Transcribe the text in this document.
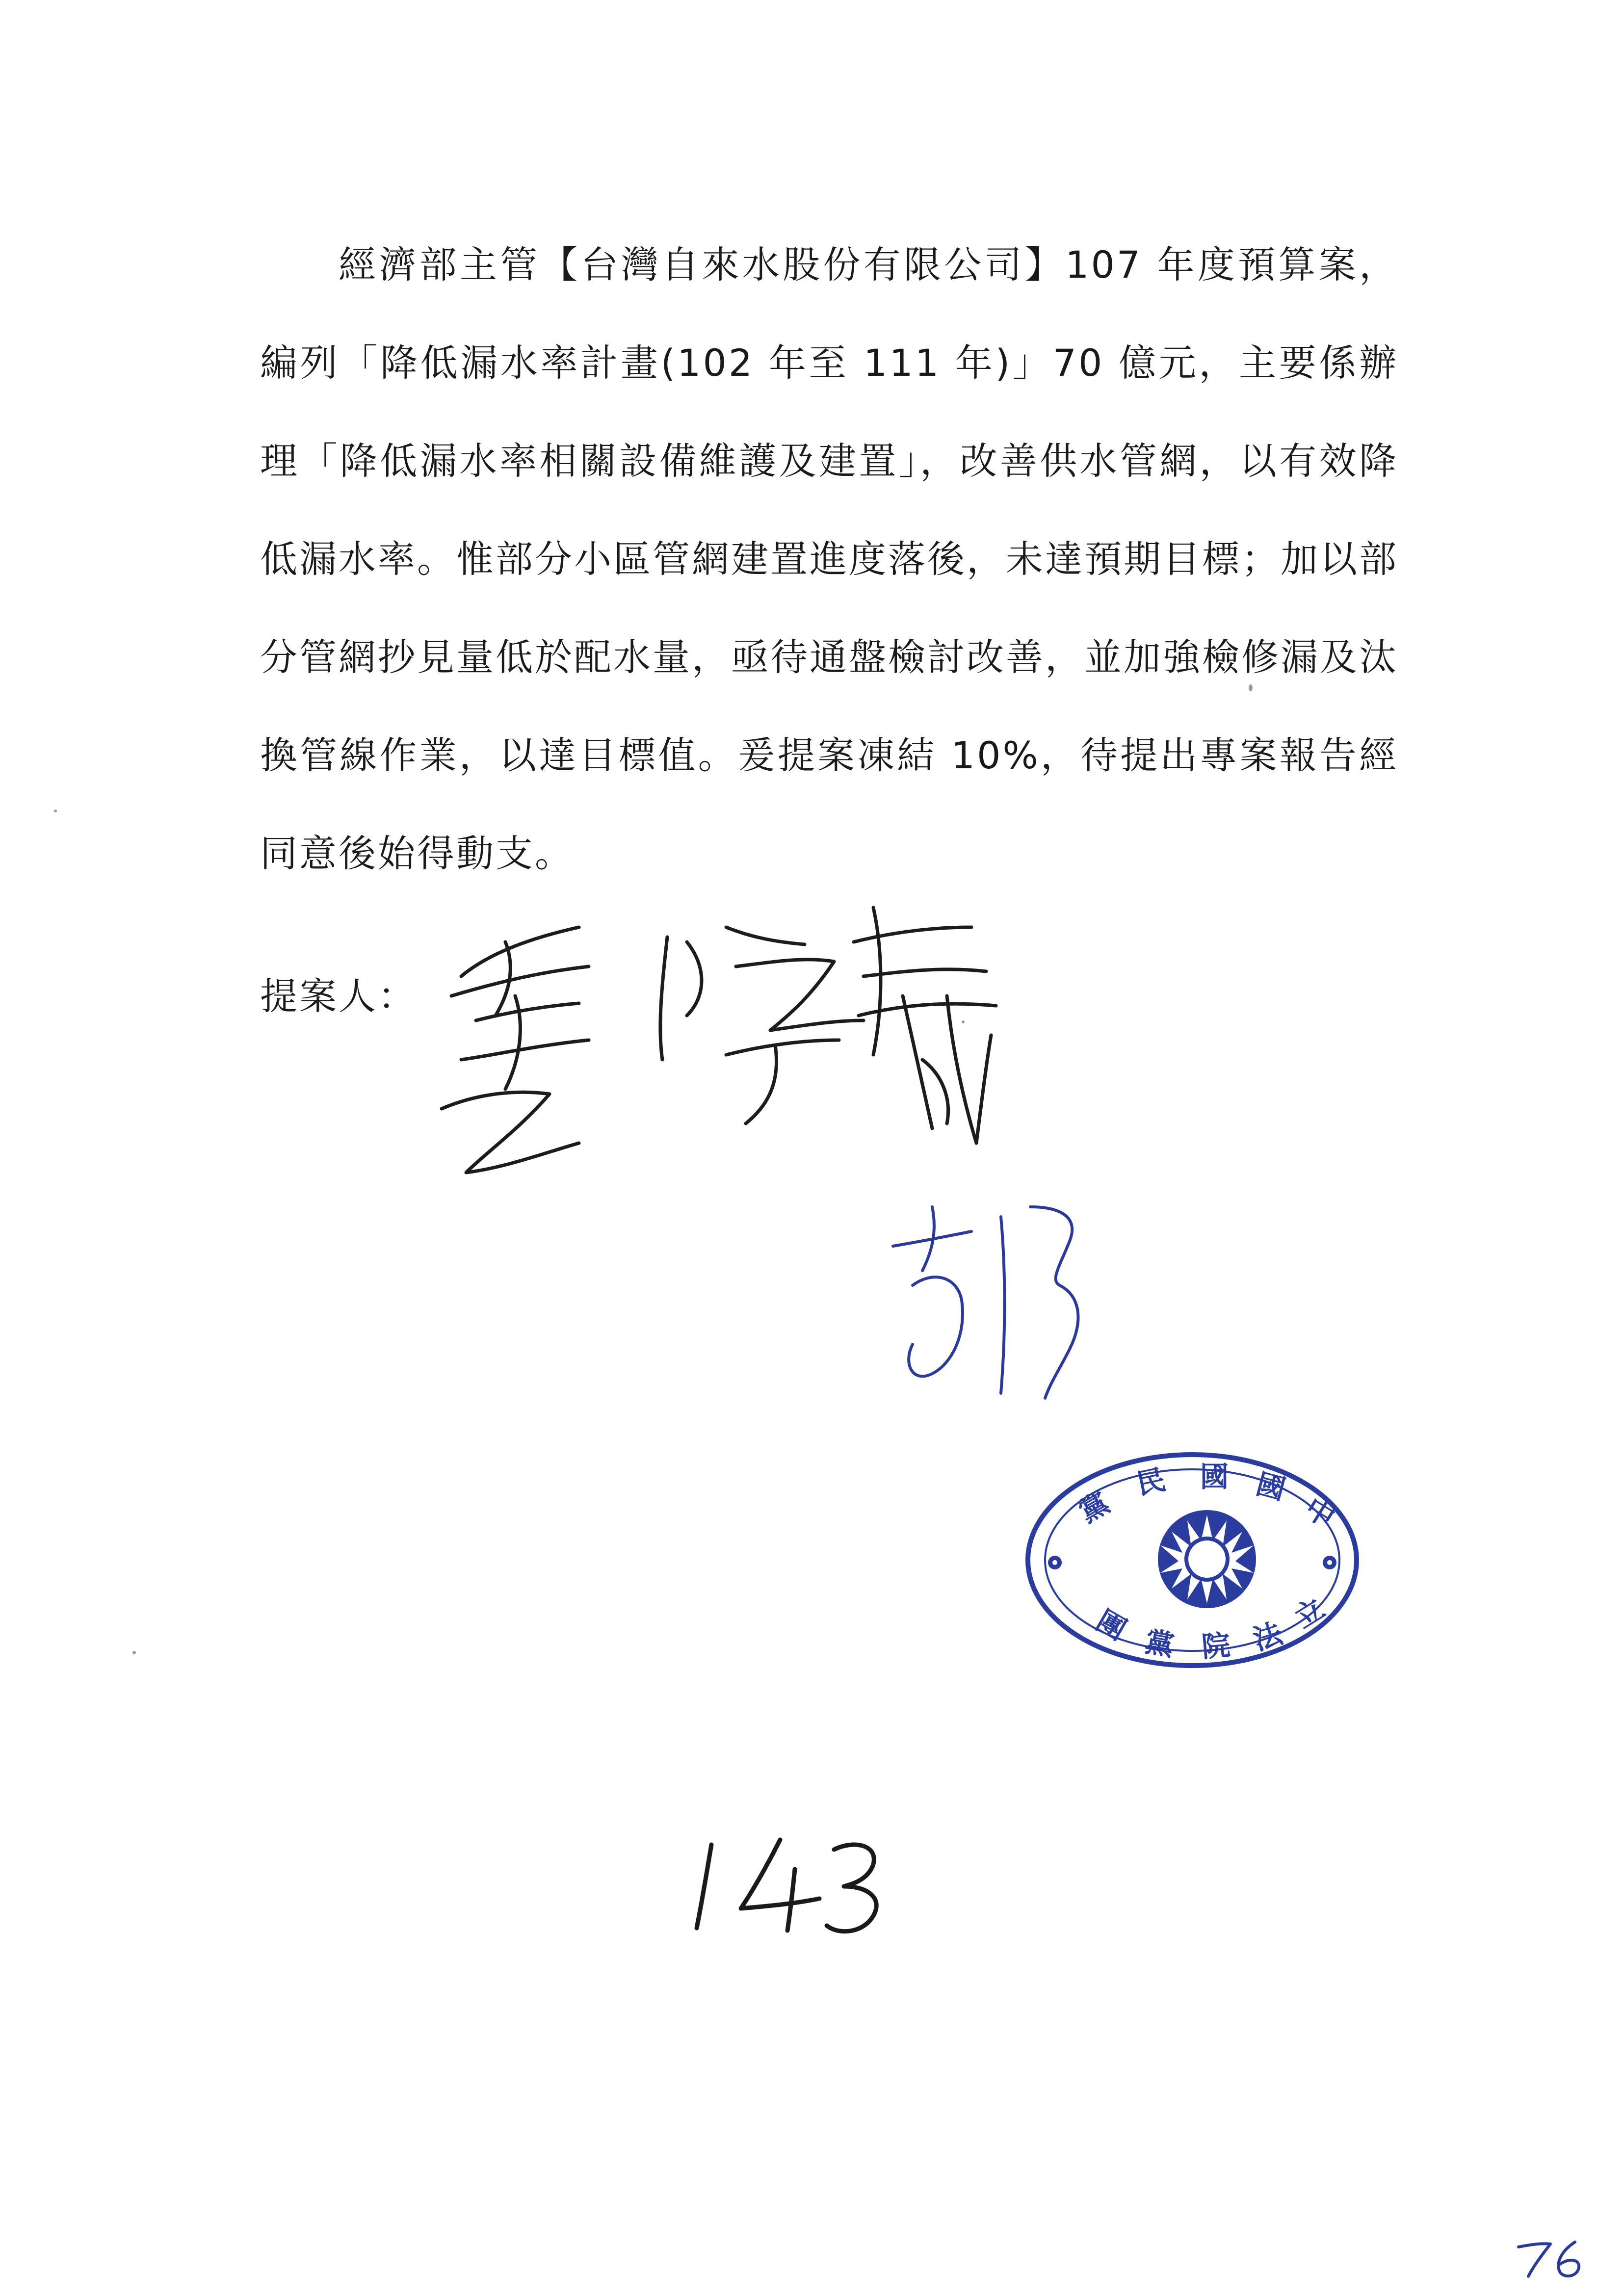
經濟部主管【台灣自來水股份有限公司】107 年度預算案，編列「降低漏水率計畫(102 年至 111 年)」70 億元，主要係辦理「降低漏水率相關設備維護及建置」，改善供水管網，以有效降低漏水率。惟部分小區管網建置進度落後，未達預期目標；加以部分管網抄見量低於配水量，亟待通盤檢討改善，並加強檢修漏及汰換管線作業，以達目標值。爰提案凍結 10%，待提出專案報告經同意後始得動支。

提案人：
黨
民 國 國
中
團 黨 院 法
立
